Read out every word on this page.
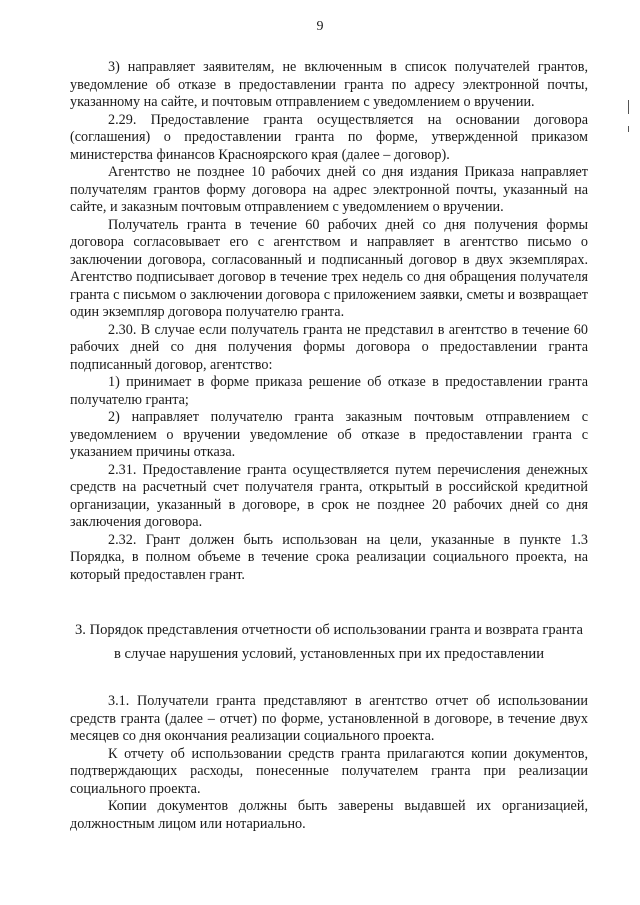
9

3) направляет заявителям, не включенным в список получателей грантов, уведомление об отказе в предоставлении гранта по адресу электронной почты, указанному на сайте, и почтовым отправлением с уведомлением о вручении.

2.29. Предоставление гранта осуществляется на основании договора (соглашения) о предоставлении гранта по форме, утвержденной приказом министерства финансов Красноярского края (далее – договор).

Агентство не позднее 10 рабочих дней со дня издания Приказа направляет получателям грантов форму договора на адрес электронной почты, указанный на сайте, и заказным почтовым отправлением с уведомлением о вручении.

Получатель гранта в течение 60 рабочих дней со дня получения формы договора согласовывает его с агентством и направляет в агентство письмо о заключении договора, согласованный и подписанный договор в двух экземплярах. Агентство подписывает договор в течение трех недель со дня обращения получателя гранта с письмом о заключении договора с приложением заявки, сметы и возвращает один экземпляр договора получателю гранта.

2.30. В случае если получатель гранта не представил в агентство в течение 60 рабочих дней со дня получения формы договора о предоставлении гранта подписанный договор, агентство:

1) принимает в форме приказа решение об отказе в предоставлении гранта получателю гранта;

2) направляет получателю гранта заказным почтовым отправлением с уведомлением о вручении уведомление об отказе в предоставлении гранта с указанием причины отказа.

2.31. Предоставление гранта осуществляется путем перечисления денежных средств на расчетный счет получателя гранта, открытый в российской кредитной организации, указанный в договоре, в срок не позднее 20 рабочих дней со дня заключения договора.

2.32. Грант должен быть использован на цели, указанные в пункте 1.3 Порядка, в полном объеме в течение срока реализации социального проекта, на который предоставлен грант.

3. Порядок представления отчетности об использовании гранта и возврата гранта в случае нарушения условий, установленных при их предоставлении

3.1. Получатели гранта представляют в агентство отчет об использовании средств гранта (далее – отчет) по форме, установленной в договоре, в течение двух месяцев со дня окончания реализации социального проекта.

К отчету об использовании средств гранта прилагаются копии документов, подтверждающих расходы, понесенные получателем гранта при реализации социального проекта.

Копии документов должны быть заверены выдавшей их организацией, должностным лицом или нотариально.
